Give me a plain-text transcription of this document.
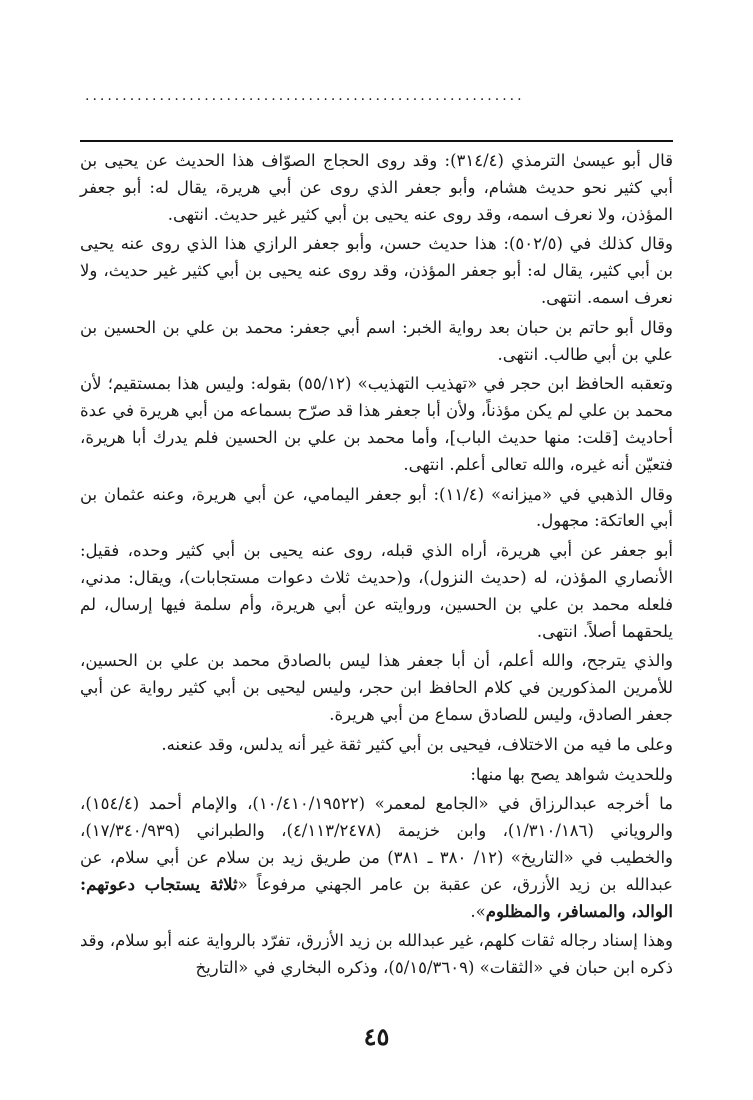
...........................................................

قال أبو عيسىٰ الترمذي (٣١٤/٤): وقد روى الحجاج الصوّاف هذا الحديث عن يحيى بن أبي كثير نحو حديث هشام، وأبو جعفر الذي روى عن أبي هريرة، يقال له: أبو جعفر المؤذن، ولا نعرف اسمه، وقد روى عنه يحيى بن أبي كثير غير حديث. انتهى.

وقال كذلك في (٥٠٢/٥): هذا حديث حسن، وأبو جعفر الرازي هذا الذي روى عنه يحيى بن أبي كثير، يقال له: أبو جعفر المؤذن، وقد روى عنه يحيى بن أبي كثير غير حديث، ولا نعرف اسمه. انتهى.

وقال أبو حاتم بن حبان بعد رواية الخبر: اسم أبي جعفر: محمد بن علي بن الحسين بن علي بن أبي طالب. انتهى.

وتعقبه الحافظ ابن حجر في «تهذيب التهذيب» (٥٥/١٢) بقوله: وليس هذا بمستقيم؛ لأن محمد بن علي لم يكن مؤذناً، ولأن أبا جعفر هذا قد صرّح بسماعه من أبي هريرة في عدة أحاديث [قلت: منها حديث الباب]، وأما محمد بن علي بن الحسين فلم يدرك أبا هريرة، فتعيّن أنه غيره، والله تعالى أعلم. انتهى.

وقال الذهبي في «ميزانه» (١١/٤): أبو جعفر اليمامي، عن أبي هريرة، وعنه عثمان بن أبي العاتكة: مجهول.

أبو جعفر عن أبي هريرة، أراه الذي قبله، روى عنه يحيى بن أبي كثير وحده، فقيل: الأنصاري المؤذن، له (حديث النزول)، و(حديث ثلاث دعوات مستجابات)، ويقال: مدني، فلعله محمد بن علي بن الحسين، وروايته عن أبي هريرة، وأم سلمة فيها إرسال، لم يلحقهما أصلاً. انتهى.

والذي يترجح، والله أعلم، أن أبا جعفر هذا ليس بالصادق محمد بن علي بن الحسين، للأمرين المذكورين في كلام الحافظ ابن حجر، وليس ليحيى بن أبي كثير رواية عن أبي جعفر الصادق، وليس للصادق سماع من أبي هريرة.

وعلى ما فيه من الاختلاف، فيحيى بن أبي كثير ثقة غير أنه يدلس، وقد عنعنه.

وللحديث شواهد يصح بها منها:

ما أخرجه عبدالرزاق في «الجامع لمعمر» (١٠/٤١٠/١٩٥٢٢)، والإمام أحمد (١٥٤/٤)، والروياني (١/٣١٠/١٨٦)، وابن خزيمة (٤/١١٣/٢٤٧٨)، والطبراني (١٧/٣٤٠/٩٣٩)، والخطيب في «التاريخ» (١٢/ ٣٨٠ ـ ٣٨١) من طريق زيد بن سلام عن أبي سلام، عن عبدالله بن زيد الأزرق، عن عقبة بن عامر الجهني مرفوعاً «ثلاثة يستجاب دعوتهم: الوالد، والمسافر، والمظلوم».

وهذا إسناد رجاله ثقات كلهم، غير عبدالله بن زيد الأزرق، تفرّد بالرواية عنه أبو سلام، وقد ذكره ابن حبان في «الثقات» (٥/١٥/٣٦٠٩)، وذكره البخاري في «التاريخ

٤٥
